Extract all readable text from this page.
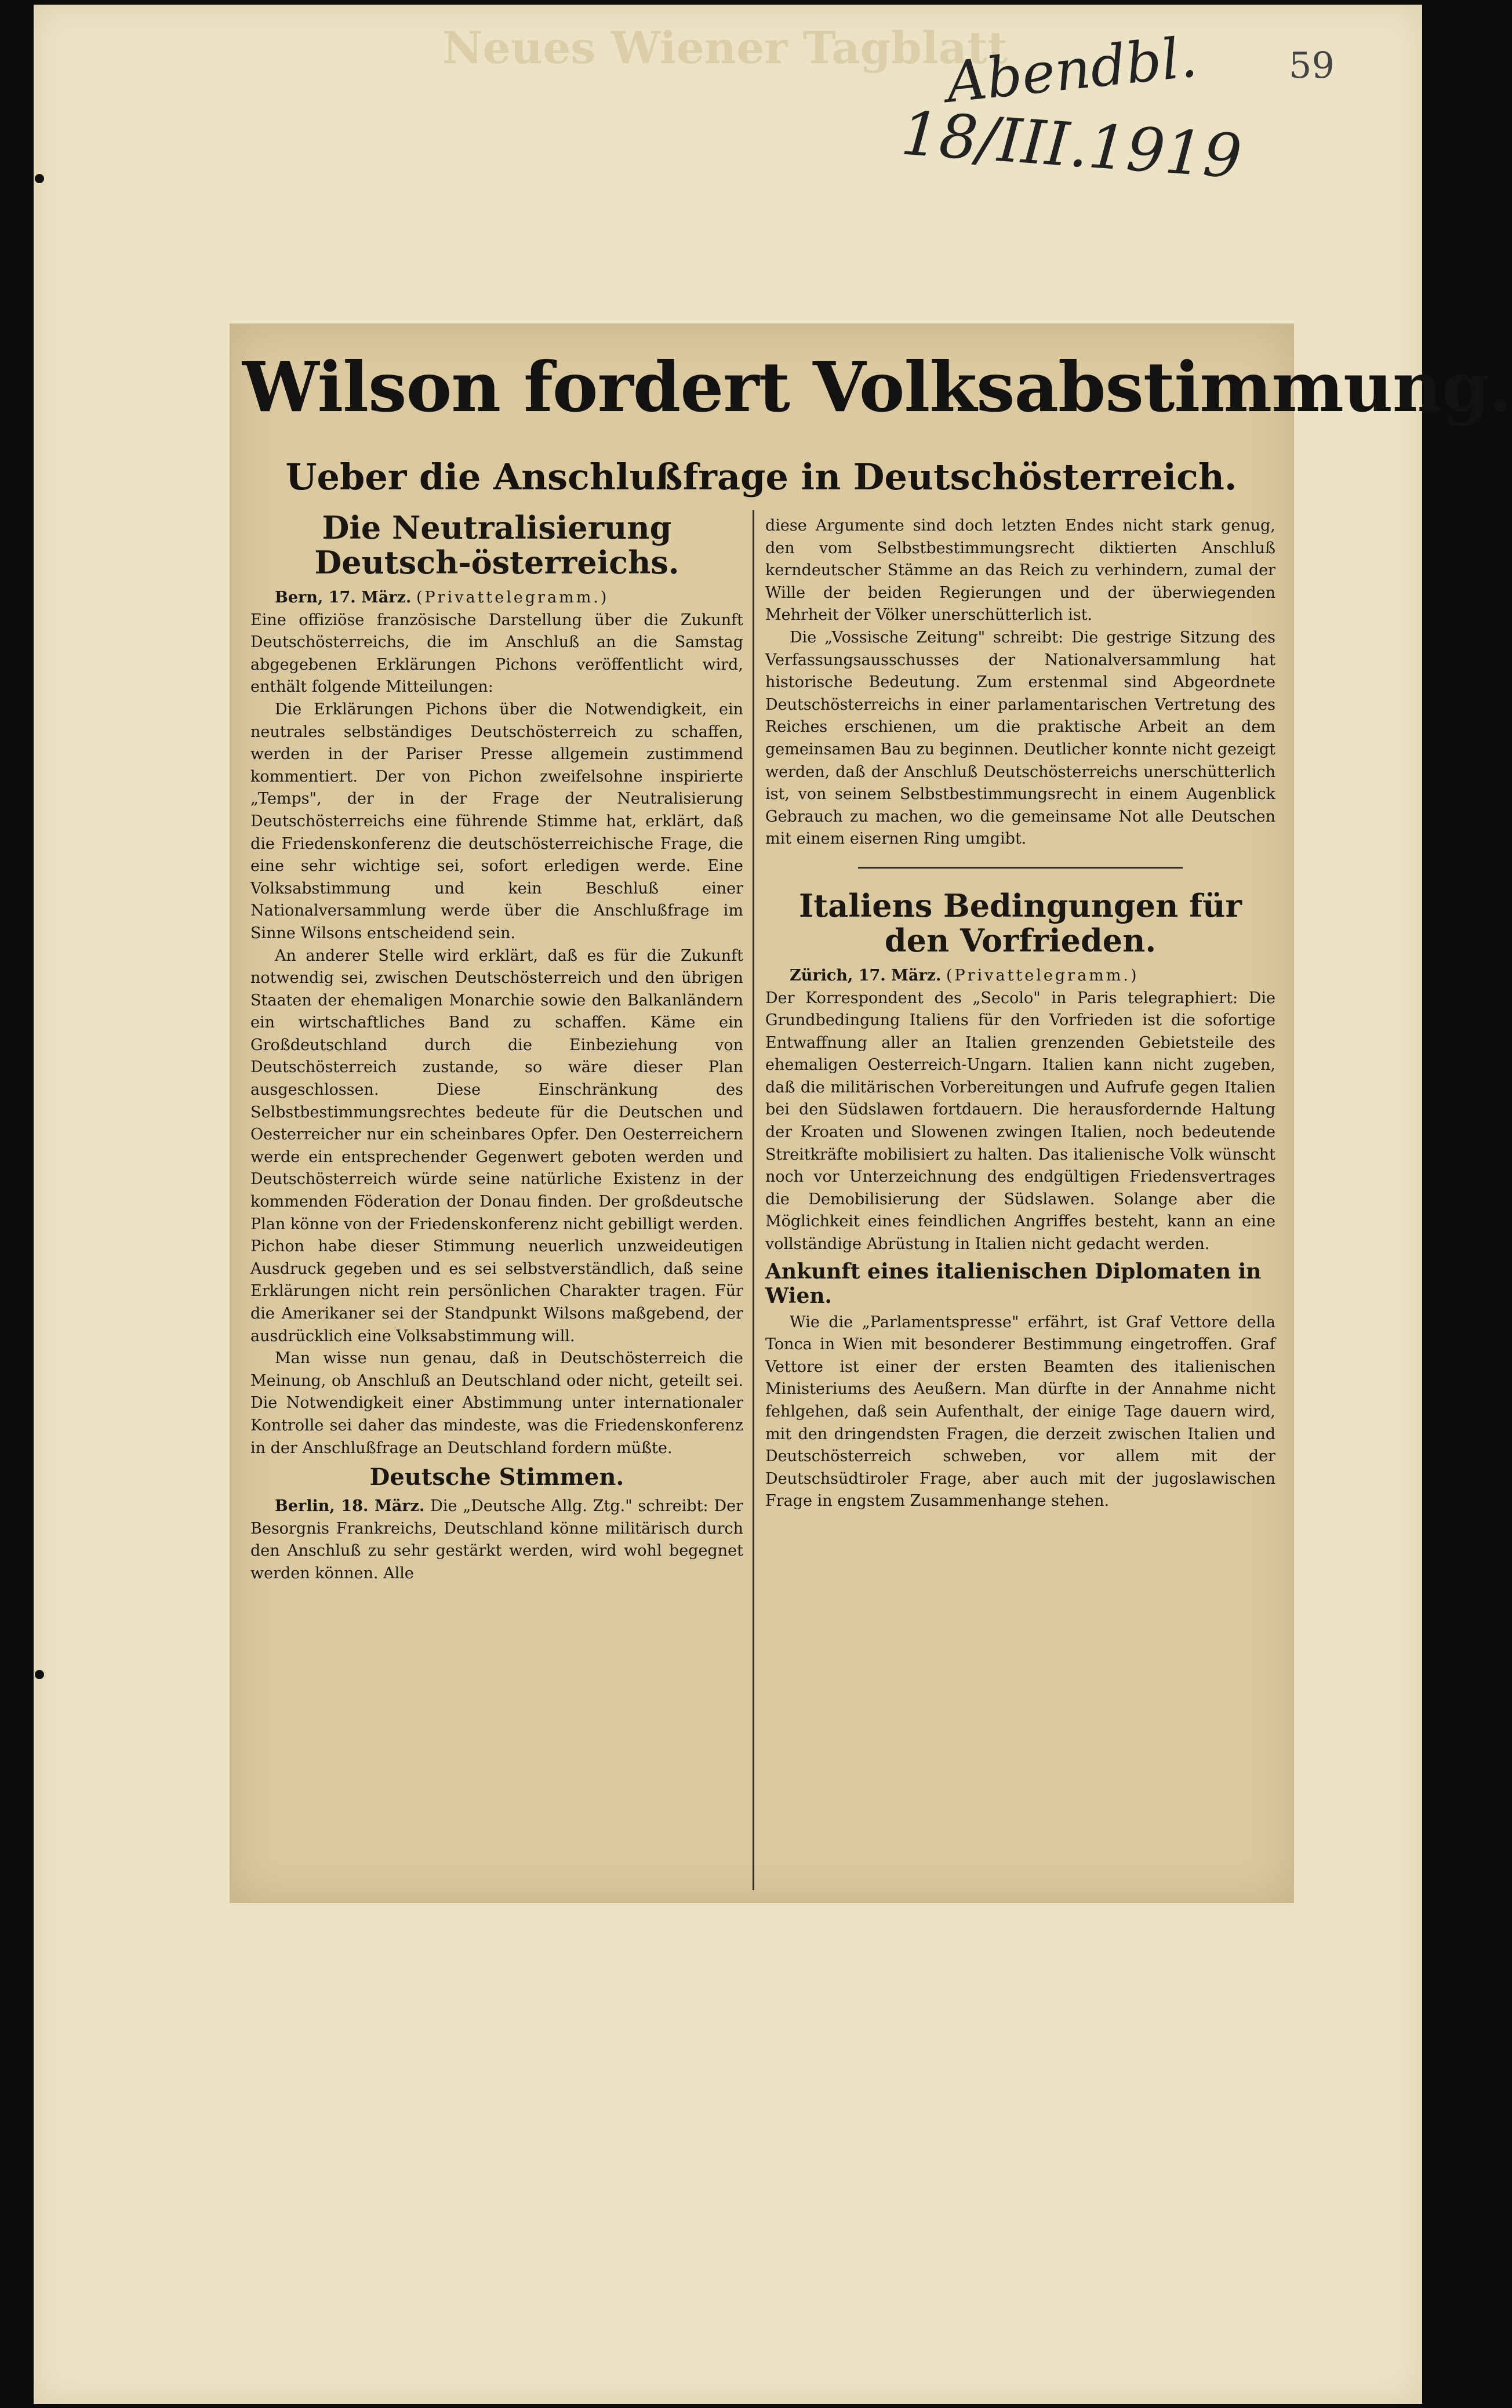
Neues Wiener Tagblatt
Abendbl.
18/III.1919
59
Wilson fordert Volksabstimmung.
Ueber die Anschlußfrage in Deutschösterreich.
Die Neutralisierung Deutsch-österreichs.

Bern, 17. März. (Privattelegramm.)

Eine offiziöse französische Darstellung über die Zukunft Deutschösterreichs, die im Anschluß an die Samstag abgegebenen Erklärungen Pichons veröffentlicht wird, enthält folgende Mitteilungen:

Die Erklärungen Pichons über die Notwendigkeit, ein neutrales selbständiges Deutschösterreich zu schaffen, werden in der Pariser Presse allgemein zustimmend kommentiert. Der von Pichon zweifelsohne inspirierte „Temps", der in der Frage der Neutralisierung Deutschösterreichs eine führende Stimme hat, erklärt, daß die Friedenskonferenz die deutschösterreichische Frage, die eine sehr wichtige sei, sofort erledigen werde. Eine Volksabstimmung und kein Beschluß einer Nationalversammlung werde über die Anschlußfrage im Sinne Wilsons entscheidend sein.

An anderer Stelle wird erklärt, daß es für die Zukunft notwendig sei, zwischen Deutschösterreich und den übrigen Staaten der ehemaligen Monarchie sowie den Balkanländern ein wirtschaftliches Band zu schaffen. Käme ein Großdeutschland durch die Einbeziehung von Deutschösterreich zustande, so wäre dieser Plan ausgeschlossen. Diese Einschränkung des Selbstbestimmungsrechtes bedeute für die Deutschen und Oesterreicher nur ein scheinbares Opfer. Den Oesterreichern werde ein entsprechender Gegenwert geboten werden und Deutschösterreich würde seine natürliche Existenz in der kommenden Föderation der Donau finden. Der großdeutsche Plan könne von der Friedenskonferenz nicht gebilligt werden. Pichon habe dieser Stimmung neuerlich unzweideutigen Ausdruck gegeben und es sei selbstverständlich, daß seine Erklärungen nicht rein persönlichen Charakter tragen. Für die Amerikaner sei der Standpunkt Wilsons maßgebend, der ausdrücklich eine Volksabstimmung will.

Man wisse nun genau, daß in Deutschösterreich die Meinung, ob Anschluß an Deutschland oder nicht, geteilt sei. Die Notwendigkeit einer Abstimmung unter internationaler Kontrolle sei daher das mindeste, was die Friedenskonferenz in der Anschlußfrage an Deutschland fordern müßte.

Deutsche Stimmen.

Berlin, 18. März. Die „Deutsche Allg. Ztg." schreibt: Der Besorgnis Frankreichs, Deutschland könne militärisch durch den Anschluß zu sehr gestärkt werden, wird wohl begegnet werden können. Alle

diese Argumente sind doch letzten Endes nicht stark genug, den vom Selbstbestimmungsrecht diktierten Anschluß kerndeutscher Stämme an das Reich zu verhindern, zumal der Wille der beiden Regierungen und der überwiegenden Mehrheit der Völker unerschütterlich ist.

Die „Vossische Zeitung" schreibt: Die gestrige Sitzung des Verfassungsausschusses der Nationalversammlung hat historische Bedeutung. Zum erstenmal sind Abgeordnete Deutschösterreichs in einer parlamentarischen Vertretung des Reiches erschienen, um die praktische Arbeit an dem gemeinsamen Bau zu beginnen. Deutlicher konnte nicht gezeigt werden, daß der Anschluß Deutschösterreichs unerschütterlich ist, von seinem Selbstbestimmungsrecht in einem Augenblick Gebrauch zu machen, wo die gemeinsame Not alle Deutschen mit einem eisernen Ring umgibt.

Italiens Bedingungen für den Vorfrieden.

Zürich, 17. März. (Privattelegramm.)

Der Korrespondent des „Secolo" in Paris telegraphiert: Die Grundbedingung Italiens für den Vorfrieden ist die sofortige Entwaffnung aller an Italien grenzenden Gebietsteile des ehemaligen Oesterreich-Ungarn. Italien kann nicht zugeben, daß die militärischen Vorbereitungen und Aufrufe gegen Italien bei den Südslawen fortdauern. Die herausfordernde Haltung der Kroaten und Slowenen zwingen Italien, noch bedeutende Streitkräfte mobilisiert zu halten. Das italienische Volk wünscht noch vor Unterzeichnung des endgültigen Friedensvertrages die Demobilisierung der Südslawen. Solange aber die Möglichkeit eines feindlichen Angriffes besteht, kann an eine vollständige Abrüstung in Italien nicht gedacht werden.

Ankunft eines italienischen Diplomaten in Wien.

Wie die „Parlamentspresse" erfährt, ist Graf Vettore della Tonca in Wien mit besonderer Bestimmung eingetroffen. Graf Vettore ist einer der ersten Beamten des italienischen Ministeriums des Aeußern. Man dürfte in der Annahme nicht fehlgehen, daß sein Aufenthalt, der einige Tage dauern wird, mit den dringendsten Fragen, die derzeit zwischen Italien und Deutschösterreich schweben, vor allem mit der Deutschsüdtiroler Frage, aber auch mit der jugoslawischen Frage in engstem Zusammenhange stehen.
